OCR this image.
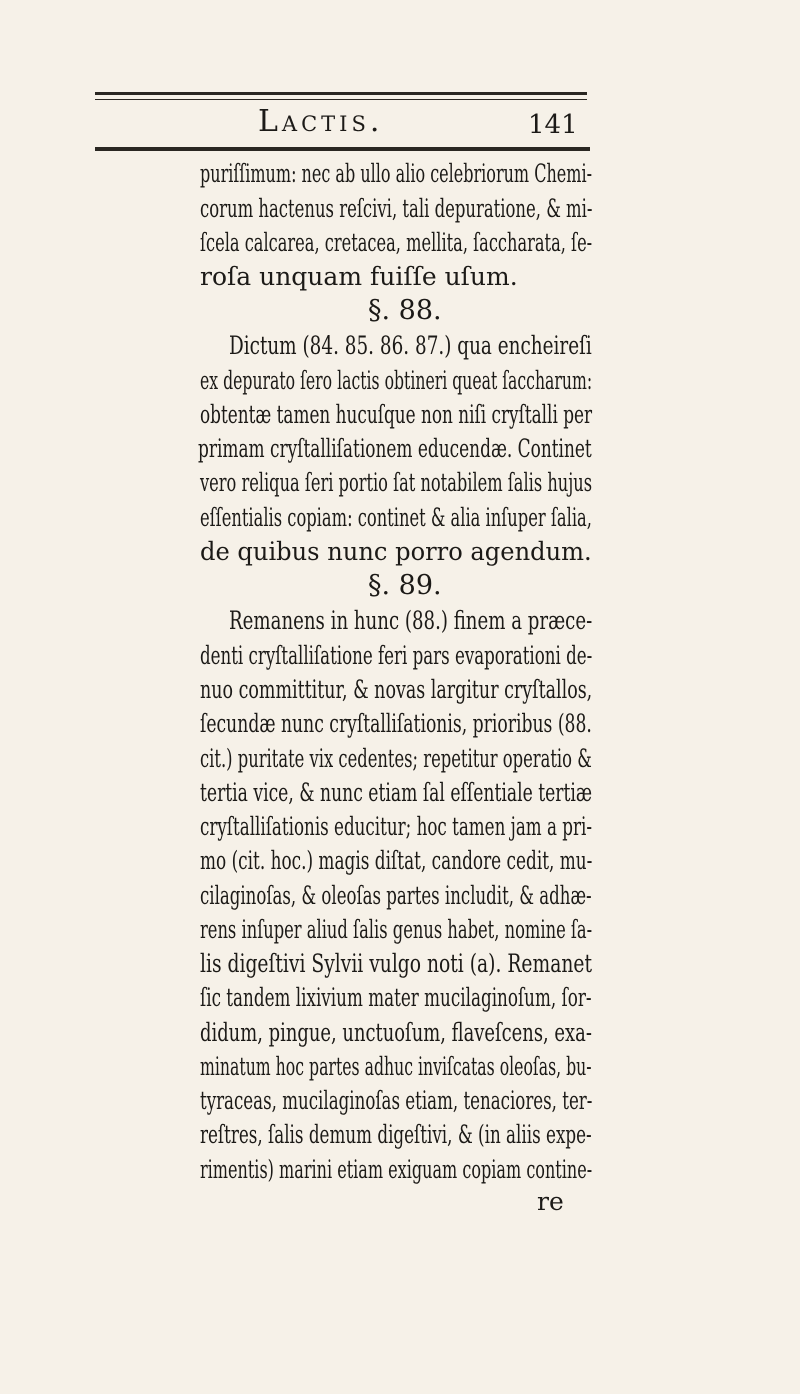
Lactis.	141
puriſſimum: nec ab ullo alio celebriorum Chemi-
corum hactenus reſcivi, tali depuratione, & mi-
ſcela calcarea, cretacea, mellita, ſaccharata, ſe-
roſa unquam fuiſſe uſum.
§. 88.
Dictum (84. 85. 86. 87.) qua encheireſi
ex depurato ſero lactis obtineri queat ſaccharum:
obtentæ tamen hucuſque non niſi cryſtalli per
primam cryſtalliſationem educendæ. Continet
vero reliqua ſeri portio ſat notabilem ſalis hujus
eſſentialis copiam: continet & alia inſuper ſalia,
de quibus nunc porro agendum.
§. 89.
Remanens in hunc (88.) finem a præce-
denti cryſtalliſatione feri pars evaporationi de-
nuo committitur, & novas largitur cryſtallos,
ſecundæ nunc cryſtalliſationis, prioribus (88.
cit.) puritate vix cedentes; repetitur operatio &
tertia vice, & nunc etiam ſal eſſentiale tertiæ
cryſtalliſationis educitur; hoc tamen jam a pri-
mo (cit. hoc.) magis diſtat, candore cedit, mu-
cilaginoſas, & oleoſas partes includit, & adhæ-
rens inſuper aliud ſalis genus habet, nomine ſa-
lis digeſtivi Sylvii vulgo noti (a). Remanet
ſic tandem lixivium mater mucilaginoſum, ſor-
didum, pingue, unctuoſum, flaveſcens, exa-
minatum hoc partes adhuc inviſcatas oleoſas, bu-
tyraceas, mucilaginoſas etiam, tenaciores, ter-
reſtres, ſalis demum digeſtivi, & (in aliis expe-
rimentis) marini etiam exiguam copiam contine-
re
